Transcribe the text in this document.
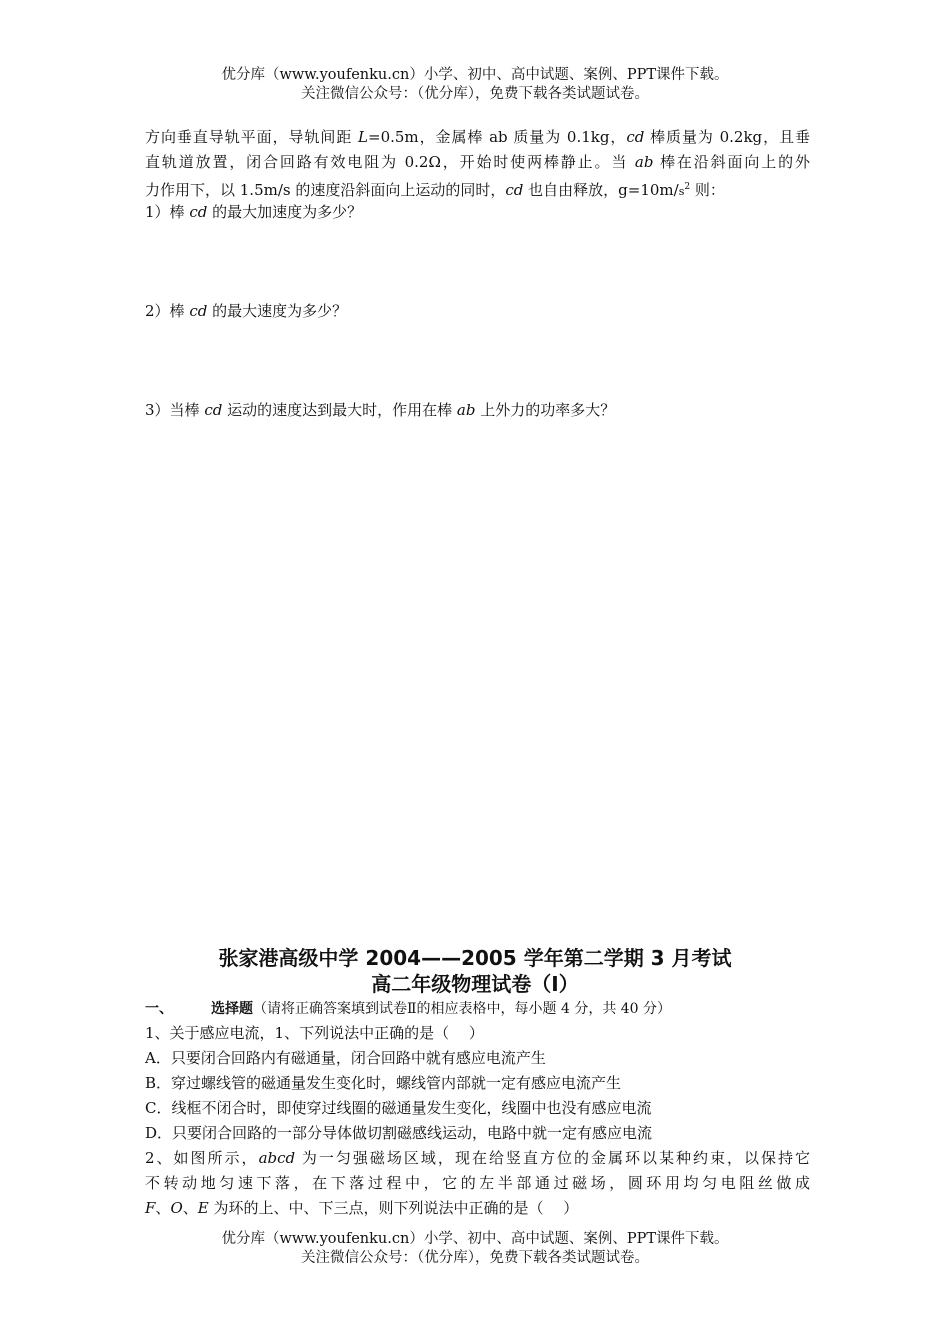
优分库（www.youfenku.cn）小学、初中、高中试题、案例、PPT课件下载。
关注微信公众号：（优分库），免费下载各类试题试卷。
方向垂直导轨平面，导轨间距 L=0.5m，金属棒 ab 质量为 0.1kg，cd 棒质量为 0.2kg，且垂
直轨道放置，闭合回路有效电阻为 0.2Ω，开始时使两棒静止。当 ab 棒在沿斜面向上的外
力作用下，以 1.5m/s 的速度沿斜面向上运动的同时，cd 也自由释放，$g=10m/s^2$ 则：
1）棒 cd 的最大加速度为多少？
2）棒 cd 的最大速度为多少？
3）当棒 cd 运动的速度达到最大时，作用在棒 ab 上外力的功率多大？
张家港高级中学 2004——2005 学年第二学期 3 月考试
高二年级物理试卷（Ⅰ）
一、	选择题（请将正确答案填到试卷Ⅱ的相应表格中，每小题 4 分，共 40 分）
1、关于感应电流，1、下列说法中正确的是（　 ）
A．只要闭合回路内有磁通量，闭合回路中就有感应电流产生
B．穿过螺线管的磁通量发生变化时，螺线管内部就一定有感应电流产生
C．线框不闭合时，即使穿过线圈的磁通量发生变化，线圈中也没有感应电流
D．只要闭合回路的一部分导体做切割磁感线运动，电路中就一定有感应电流
2、如图所示，abcd 为一匀强磁场区域，现在给竖直方位的金属环以某种约束，以保持它
不转动地匀速下落，在下落过程中，它的左半部通过磁场，圆环用均匀电阻丝做成
F、O、E 为环的上、中、下三点，则下列说法中正确的是（　 ）
优分库（www.youfenku.cn）小学、初中、高中试题、案例、PPT课件下载。
关注微信公众号：（优分库），免费下载各类试题试卷。
